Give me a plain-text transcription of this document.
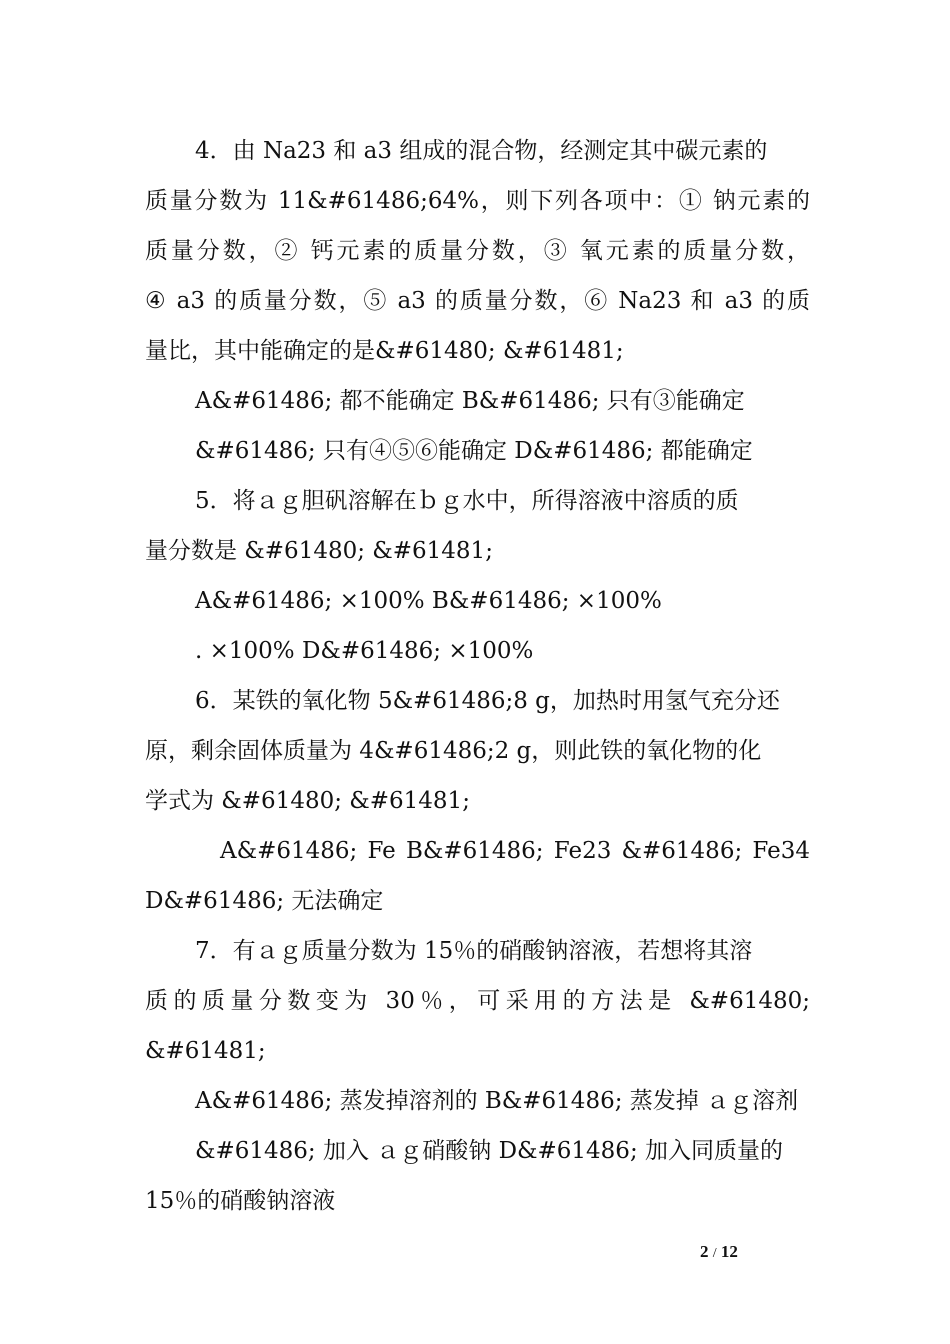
4．由 Na23 和 a3 组成的混合物，经测定其中碳元素的
质量分数为 11&#61486;64%，则下列各项中：① 钠元素的
质量分数，② 钙元素的质量分数，③ 氧元素的质量分数，
④ a3 的质量分数，⑤ a3 的质量分数，⑥ Na23 和 a3 的质
量比，其中能确定的是&#61480; &#61481;
A&#61486; 都不能确定 B&#61486; 只有③能确定
&#61486; 只有④⑤⑥能确定 D&#61486; 都能确定
5．将ａｇ胆矾溶解在ｂｇ水中，所得溶液中溶质的质
量分数是 &#61480; &#61481;
A&#61486; ×100% B&#61486; ×100%
. ×100% D&#61486; ×100%
6．某铁的氧化物 5&#61486;8 g，加热时用氢气充分还
原，剩余固体质量为 4&#61486;2 g，则此铁的氧化物的化
学式为 &#61480; &#61481;
A&#61486; Fe B&#61486; Fe23 &#61486; Fe34
D&#61486; 无法确定
7．有ａｇ质量分数为 15％的硝酸钠溶液，若想将其溶
质的质量分数变为 30％，可采用的方法是 &#61480;
&#61481;
A&#61486; 蒸发掉溶剂的 B&#61486; 蒸发掉 ａｇ溶剂
&#61486; 加入 ａｇ硝酸钠 D&#61486; 加入同质量的
15％的硝酸钠溶液
2 / 12
